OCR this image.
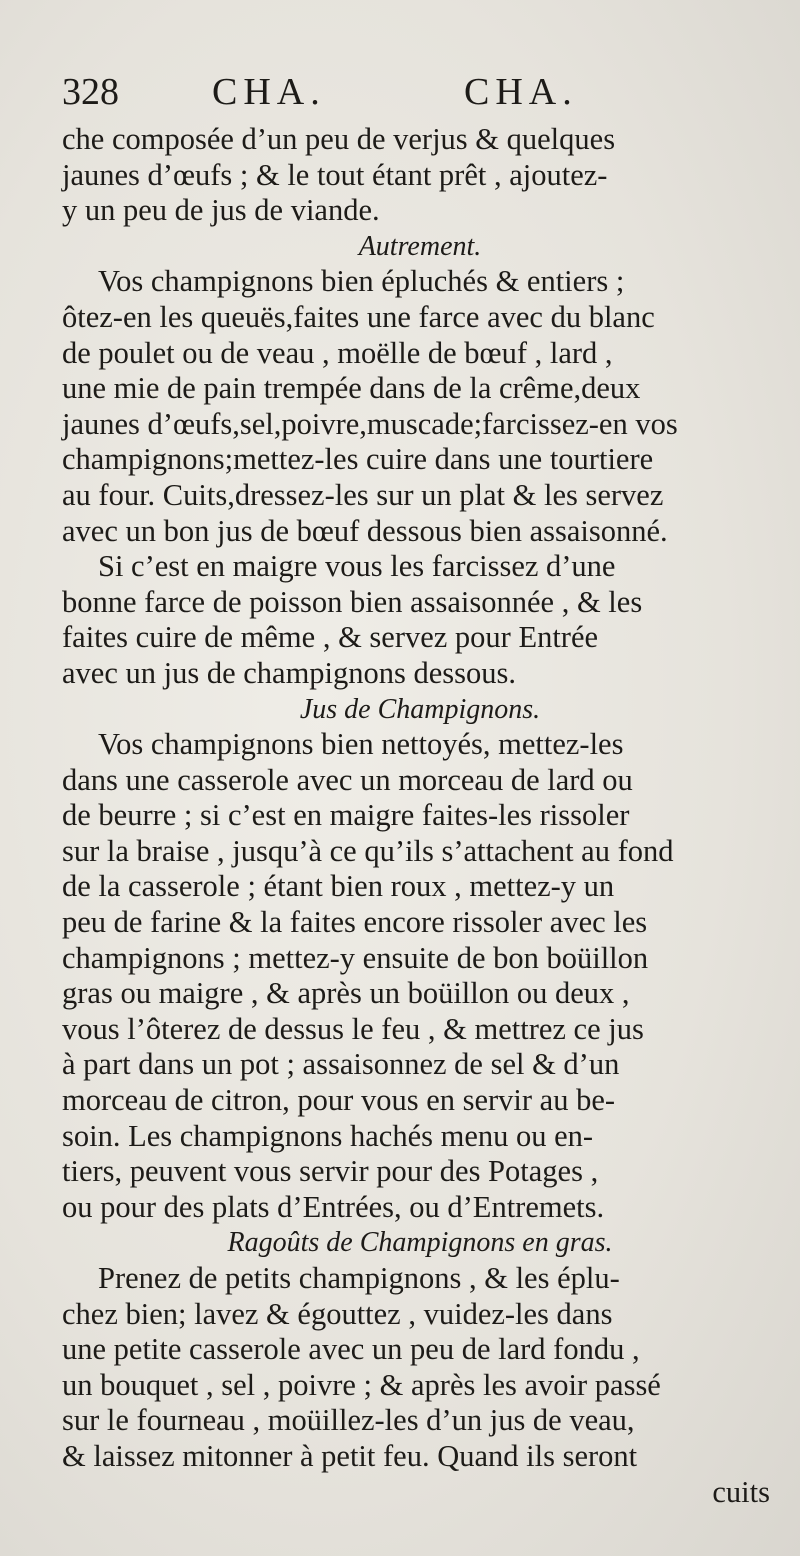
328 CHA.	CHA.
che composée d’un peu de verjus & quelques
jaunes d’œufs ; & le tout étant prêt , ajoutez-
y un peu de jus de viande.
Autrement.
Vos champignons bien épluchés & entiers ;
ôtez-en les queuës,faites une farce avec du blanc
de poulet ou de veau , moëlle de bœuf , lard ,
une mie de pain trempée dans de la crême,deux
jaunes d’œufs,sel,poivre,muscade;farcissez-en vos
champignons;mettez-les cuire dans une tourtiere
au four. Cuits,dressez-les sur un plat & les servez
avec un bon jus de bœuf dessous bien assaisonné.
Si c’est en maigre vous les farcissez d’une
bonne farce de poisson bien assaisonnée , & les
faites cuire de même , & servez pour Entrée
avec un jus de champignons dessous.
Jus de Champignons.
Vos champignons bien nettoyés, mettez-les
dans une casserole avec un morceau de lard ou
de beurre ; si c’est en maigre faites-les rissoler
sur la braise , jusqu’à ce qu’ils s’attachent au fond
de la casserole ; étant bien roux , mettez-y un
peu de farine & la faites encore rissoler avec les
champignons ; mettez-y ensuite de bon boüillon
gras ou maigre , & après un boüillon ou deux ,
vous l’ôterez de dessus le feu , & mettrez ce jus
à part dans un pot ; assaisonnez de sel & d’un
morceau de citron, pour vous en servir au be-
soin. Les champignons hachés menu ou en-
tiers, peuvent vous servir pour des Potages ,
ou pour des plats d’Entrées, ou d’Entremets.
Ragoûts de Champignons en gras.
Prenez de petits champignons , & les éplu-
chez bien; lavez & égouttez , vuidez-les dans
une petite casserole avec un peu de lard fondu ,
un bouquet , sel , poivre ; & après les avoir passé
sur le fourneau , moüillez-les d’un jus de veau,
& laissez mitonner à petit feu. Quand ils seront
cuits
